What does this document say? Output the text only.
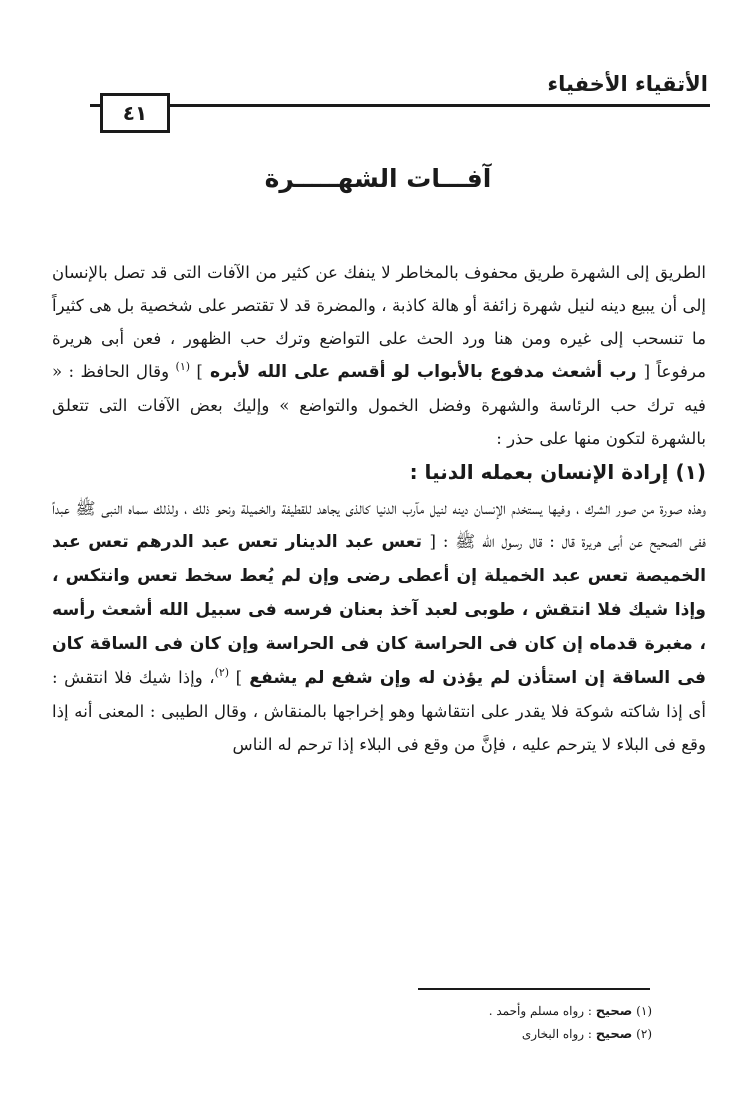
الأتقياء الأخفياء
٤١
آفـــات الشهـــــرة

الطريق إلى الشهرة طريق محفوف بالمخاطر لا ينفك عن كثير من الآفات التى قد تصل بالإنسان إلى أن يبيع دينه لنيل شهرة زائفة أو هالة كاذبة ، والمضرة قد لا تقتصر على شخصية بل هى كثيراً ما تنسحب إلى غيره ومن هنا ورد الحث على التواضع وترك حب الظهور ، فعن أبى هريرة مرفوعاً [ رب أشعث مدفوع بالأبواب لو أقسم على الله لأبره ] $^{(١)}$ وقال الحافظ : « فيه ترك حب الرئاسة والشهرة وفضل الخمول والتواضع » وإليك بعض الآفات التى تتعلق بالشهرة لتكون منها على حذر :

(١) إرادة الإنسان بعمله الدنيا :

وهذه صورة من صور الشرك ، وفيها يستخدم الإنسان دينه لنيل مآرب الدنيا كالذى يجاهد للقطيفة والخميلة ونحو ذلك ، ولذلك سماه النبى ﷺ عبداً ففى الصحيح عن أبى هريرة قال : قال رسول الله ﷺ : [ تعس عبد الدينار تعس عبد الدرهم تعس عبد الخميصة تعس عبد الخميلة إن أعطى رضى وإن لم يُعط سخط تعس وانتكس ، وإذا شيك فلا انتقش ، طوبى لعبد آخذ بعنان فرسه فى سبيل الله أشعث رأسه ، مغبرة قدماه إن كان فى الحراسة كان فى الحراسة وإن كان فى الساقة كان فى الساقة إن استأذن لم يؤذن له وإن شفع لم يشفع ] $^{(٢)}$، وإذا شيك فلا انتقش : أى إذا شاكته شوكة فلا يقدر على انتقاشها وهو إخراجها بالمنقاش ، وقال الطيبى : المعنى أنه إذا وقع فى البلاء لا يترحم عليه ، فإنَّ من وقع فى البلاء إذا ترحم له الناس

(١) صحيح : رواه مسلم وأحمد .
(٢) صحيح : رواه البخارى
